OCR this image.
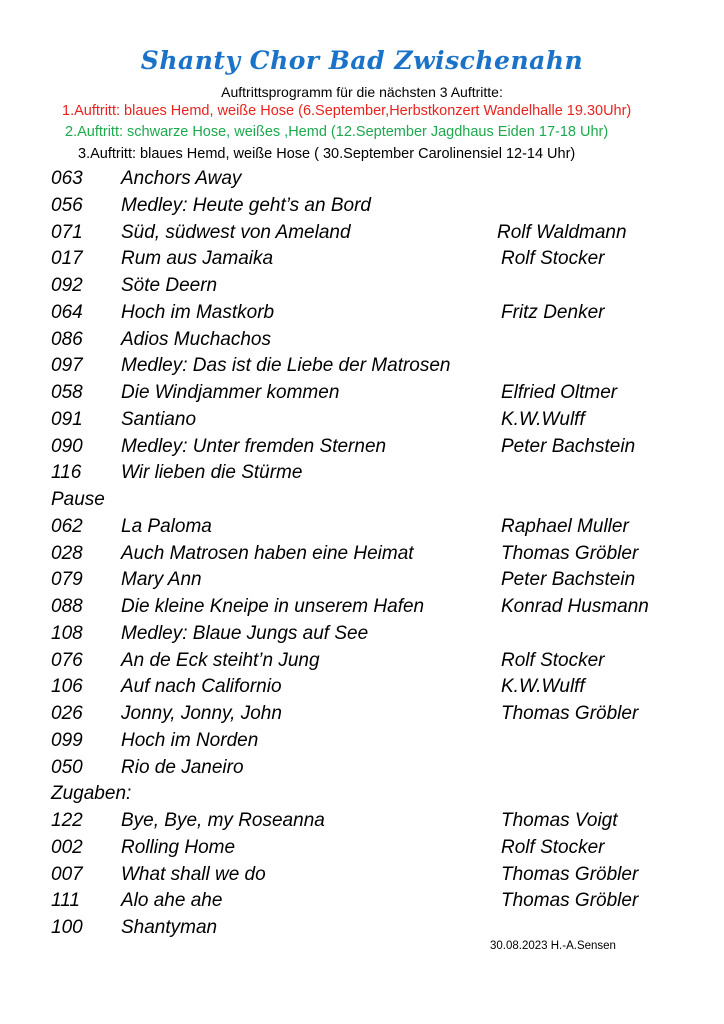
Shanty Chor Bad Zwischenahn
Auftrittsprogramm für die nächsten 3 Auftritte:
1.Auftritt: blaues Hemd, weiße Hose (6.September,Herbstkonzert Wandelhalle 19.30Uhr)
2.Auftritt: schwarze Hose, weißes ,Hemd (12.September Jagdhaus Eiden 17-18 Uhr)
3.Auftritt: blaues Hemd, weiße Hose ( 30.September Carolinensiel 12-14 Uhr)
063 Anchors Away
056 Medley: Heute geht’s an Bord
071 Süd, südwest von Ameland	Rolf Waldmann
017 Rum aus Jamaika	Rolf Stocker
092 Söte Deern
064 Hoch im Mastkorb	Fritz Denker
086 Adios Muchachos
097 Medley: Das ist die Liebe der Matrosen
058 Die Windjammer kommen	Elfried Oltmer
091 Santiano	K.W.Wulff
090 Medley: Unter fremden Sternen	Peter Bachstein
116 Wir lieben die Stürme
Pause
062 La Paloma	Raphael Muller
028 Auch Matrosen haben eine Heimat	Thomas Gröbler
079 Mary Ann	Peter Bachstein
088 Die kleine Kneipe in unserem Hafen	Konrad Husmann
108 Medley: Blaue Jungs auf See
076 An de Eck steiht’n Jung	Rolf Stocker
106 Auf nach Californio	K.W.Wulff
026 Jonny, Jonny, John	Thomas Gröbler
099 Hoch im Norden
050 Rio de Janeiro
Zugaben:
122 Bye, Bye, my Roseanna	Thomas Voigt
002 Rolling Home	Rolf Stocker
007 What shall we do	Thomas Gröbler
111 Alo ahe ahe	Thomas Gröbler
100 Shantyman
30.08.2023 H.-A.Sensen
